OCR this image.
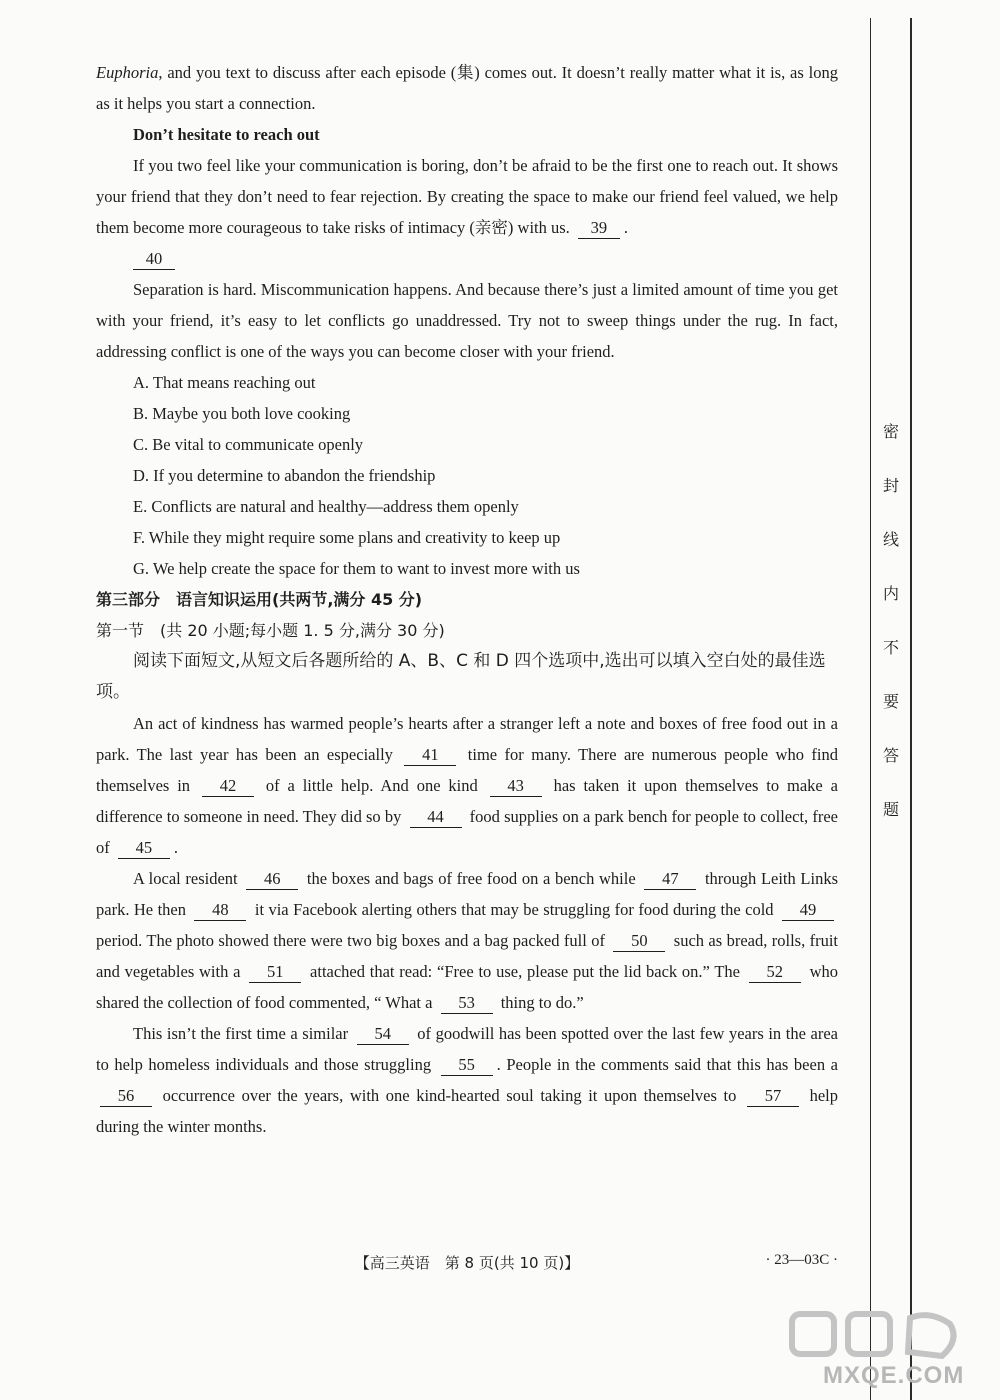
Euphoria, and you text to discuss after each episode (集) comes out. It doesn’t really matter what it is, as long as it helps you start a connection.

Don’t hesitate to reach out

If you two feel like your communication is boring, don’t be afraid to be the first one to reach out. It shows your friend that they don’t need to fear rejection. By creating the space to make our friend feel valued, we help them become more courageous to take risks of intimacy (亲密) with us. 39 .

40

Separation is hard. Miscommunication happens. And because there’s just a limited amount of time you get with your friend, it’s easy to let conflicts go unaddressed. Try not to sweep things under the rug. In fact, addressing conflict is one of the ways you can become closer with your friend.

A. That means reaching out

B. Maybe you both love cooking

C. Be vital to communicate openly

D. If you determine to abandon the friendship

E. Conflicts are natural and healthy—address them openly

F. While they might require some plans and creativity to keep up

G. We help create the space for them to want to invest more with us

第三部分　语言知识运用(共两节,满分 45 分)

第一节　(共 20 小题;每小题 1. 5 分,满分 30 分)

阅读下面短文,从短文后各题所给的 A、B、C 和 D 四个选项中,选出可以填入空白处的最佳选项。

An act of kindness has warmed people’s hearts after a stranger left a note and boxes of free food out in a park. The last year has been an especially 41 time for many. There are numerous people who find themselves in 42 of a little help. And one kind 43 has taken it upon themselves to make a difference to someone in need. They did so by 44 food supplies on a park bench for people to collect, free of 45 .

A local resident 46 the boxes and bags of free food on a bench while 47 through Leith Links park. He then 48 it via Facebook alerting others that may be struggling for food during the cold 49 period. The photo showed there were two big boxes and a bag packed full of 50 such as bread, rolls, fruit and vegetables with a 51 attached that read: “Free to use, please put the lid back on.” The 52 who shared the collection of food commented, “ What a 53 thing to do.”

This isn’t the first time a similar 54 of goodwill has been spotted over the last few years in the area to help homeless individuals and those struggling 55 . People in the comments said that this has been a 56 occurrence over the years, with one kind-hearted soul taking it upon themselves to 57 help during the winter months.

【高三英语　第 8 页(共 10 页)】	· 23—03C ·
密
封
线
内
不
要
答
题
MXQE.COM
